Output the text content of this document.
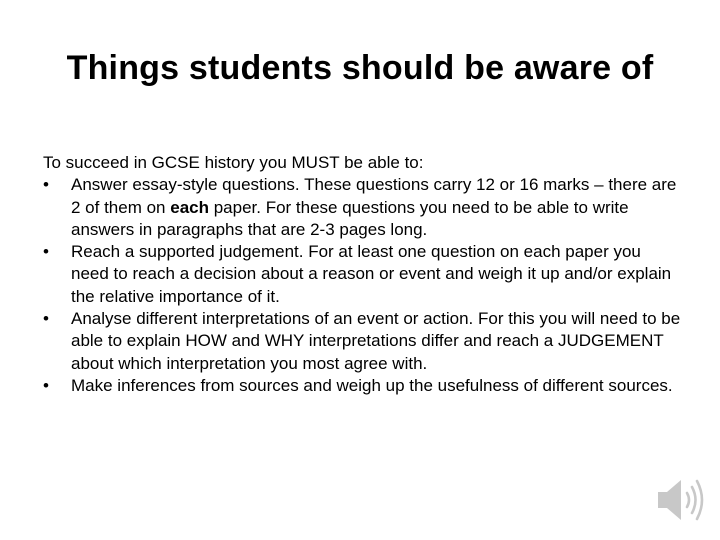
Things students should be aware of

To succeed in GCSE history you MUST be able to:

•	Answer essay-style questions. These questions carry 12 or 16 marks – there are 2 of them on each paper. For these questions you need to be able to write answers in paragraphs that are 2-3 pages long.
•	Reach a supported judgement. For at least one question on each paper you need to reach a decision about a reason or event and weigh it up and/or explain the relative importance of it.
•	Analyse different interpretations of an event or action. For this you will need to be able to explain HOW and WHY interpretations differ and reach a JUDGEMENT about which interpretation you most agree with.
•	Make inferences from sources and weigh up the usefulness of different sources.
